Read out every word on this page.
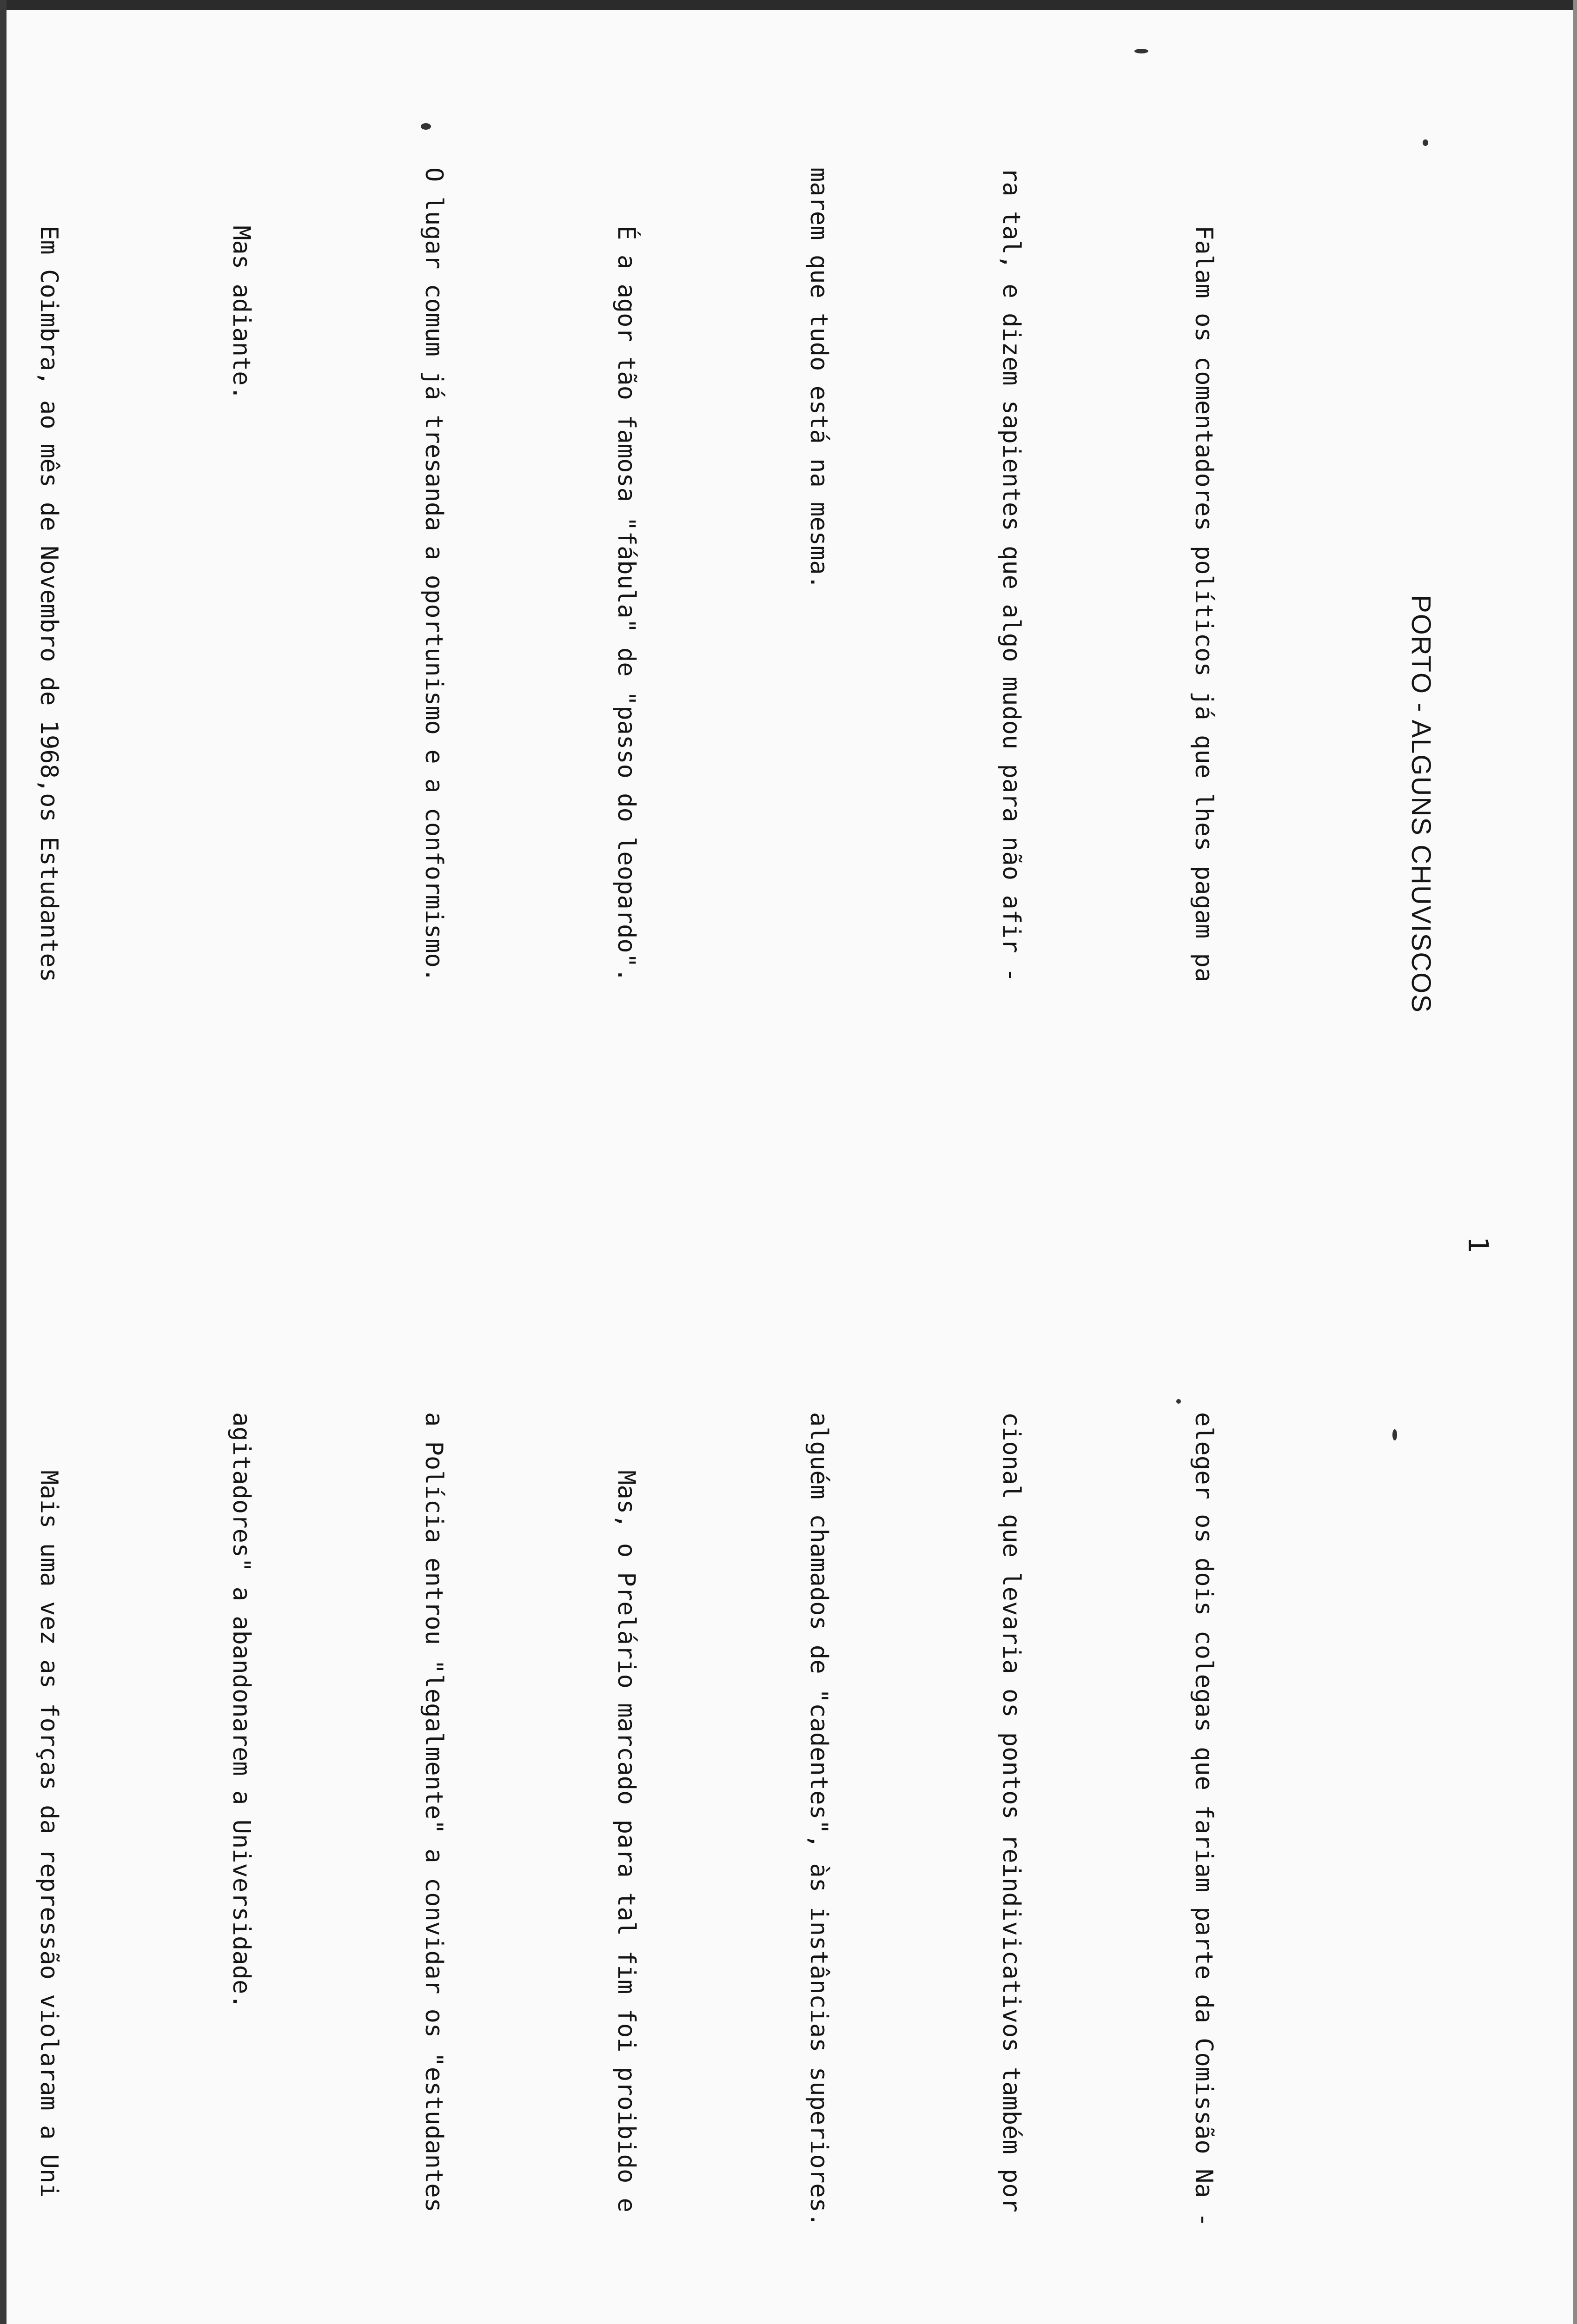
1

PORTO - ALGUNS CHUVISCOS

Falam os comentadores políticos já que lhes pagam pa

ra tal, e dizem sapientes que algo mudou para não afir -

marem que tudo está na mesma.

É a agor tão famosa "fábula" de "passo do leopardo".

O lugar comum já tresanda a oportunismo e a conformismo.

Mas adiante.

Em Coimbra, ao mês de Novembro de 1968,os Estudantes

eleger os dois colegas que fariam parte da Comissão Na -

cional que levaria os pontos reindivicativos também por

alguém chamados de "cadentes", às instâncias superiores.

Mas, o Prelário marcado para tal fim foi proibido e

a Polícia entrou "legalmente" a convidar os "estudantes

agitadores" a abandonarem a Universidade.

Mais uma vez as forças da repressão violaram a Uni
